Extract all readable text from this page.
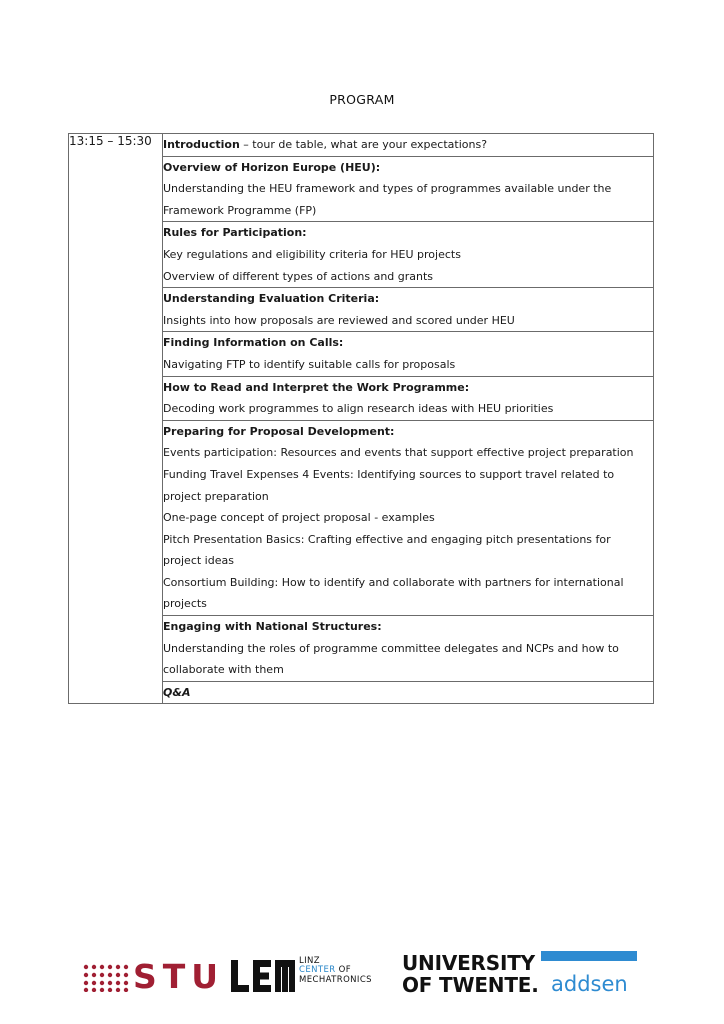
PROGRAM
13:15 – 15:30	Introduction – tour de table, what are your expectations?

Overview of Horizon Europe (HEU):
Understanding the HEU framework and types of programmes available under the
Framework Programme (FP)

Rules for Participation:
Key regulations and eligibility criteria for HEU projects
Overview of different types of actions and grants

Understanding Evaluation Criteria:
Insights into how proposals are reviewed and scored under HEU

Finding Information on Calls:
Navigating FTP to identify suitable calls for proposals

How to Read and Interpret the Work Programme:
Decoding work programmes to align research ideas with HEU priorities

Preparing for Proposal Development:
Events participation: Resources and events that support effective project preparation
Funding Travel Expenses 4 Events: Identifying sources to support travel related to
project preparation
One-page concept of project proposal - examples
Pitch Presentation Basics: Crafting effective and engaging pitch presentations for
project ideas
Consortium Building: How to identify and collaborate with partners for international
projects

Engaging with National Structures:
Understanding the roles of programme committee delegates and NCPs and how to
collaborate with them

Q&A
STU	LINZ
CENTER OF
MECHATRONICS
UNIVERSITY
OF TWENTE. addsen
